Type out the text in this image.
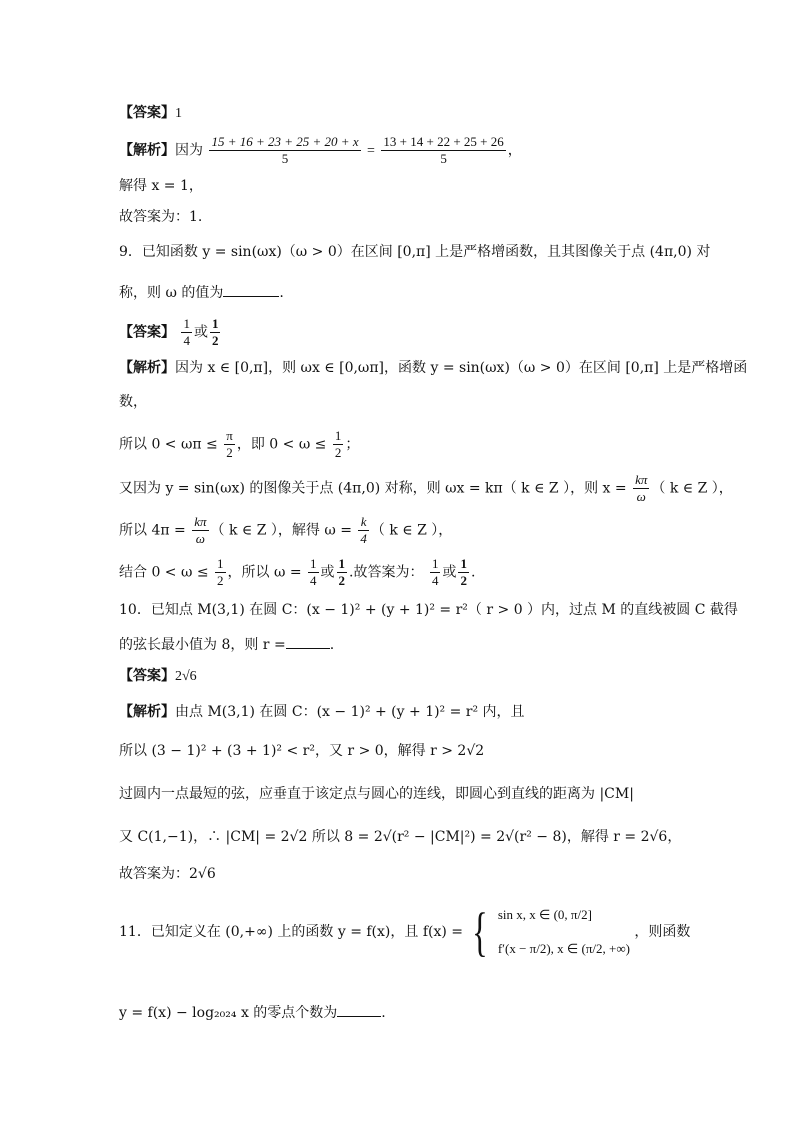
【答案】1
【解析】因为 $\frac{15 + 16 + 23 + 25 + 20 + x}{5} = \frac{13 + 14 + 22 + 25 + 26}{5}$ ，
解得 x = 1，
故答案为：1.
9．已知函数 y = sin(ωx)（ω > 0）在区间 [0,π] 上是严格增函数，且其图像关于点 (4π,0) 对
称，则 ω 的值为	.
【答案】 $\frac{1}{4}$ 或 $\frac{1}{2}$
【解析】因为 x ∈ [0,π]，则 ωx ∈ [0,ωπ]，函数 y = sin(ωx)（ω > 0）在区间 [0,π] 上是严格增函
数，
所以 $0 < \omega\pi \le \frac{\pi}{2}$ ，即 $0 < \omega \le \frac{1}{2}$ ；
又因为 y = sin(ωx) 的图像关于点 (4π,0) 对称，则 ωx = kπ（ k ∈ Z ），则 $x = \frac{k\pi}{\omega}$ （ k ∈ Z ），
所以 $4\pi = \frac{k\pi}{\omega}$ （ k ∈ Z ），解得 $\omega = \frac{k}{4}$ （ k ∈ Z ），
结合 $0 < \omega \le \frac{1}{2}$ ，所以 $\omega = \frac{1}{4}$ 或 $\frac{1}{2}$ .故答案为： $\frac{1}{4}$ 或 $\frac{1}{2}$ .
10．已知点 M(3,1) 在圆 C：(x − 1)² + (y + 1)² = r²（ r > 0 ）内，过点 M 的直线被圆 C 截得
的弦长最小值为 8，则 r =	.
【答案】2√6
【解析】由点 M(3,1) 在圆 C：(x − 1)² + (y + 1)² = r² 内，且
所以 (3 − 1)² + (3 + 1)² < r²，又 r > 0，解得 r > 2√2
过圆内一点最短的弦，应垂直于该定点与圆心的连线，即圆心到直线的距离为 |CM|
又 C(1,−1)，∴ |CM| = 2√2 所以 8 = 2√(r² − |CM|²) = 2√(r² − 8)，解得 r = 2√6，
故答案为：2√6
11．已知定义在 (0,+∞) 上的函数 y = f(x)，且 f(x) = { sin x, x ∈ (0, π/2]
f′(x − π/2), x ∈ (π/2, +∞)
，则函数
y = f(x) − log₂₀₂₄ x 的零点个数为	.
